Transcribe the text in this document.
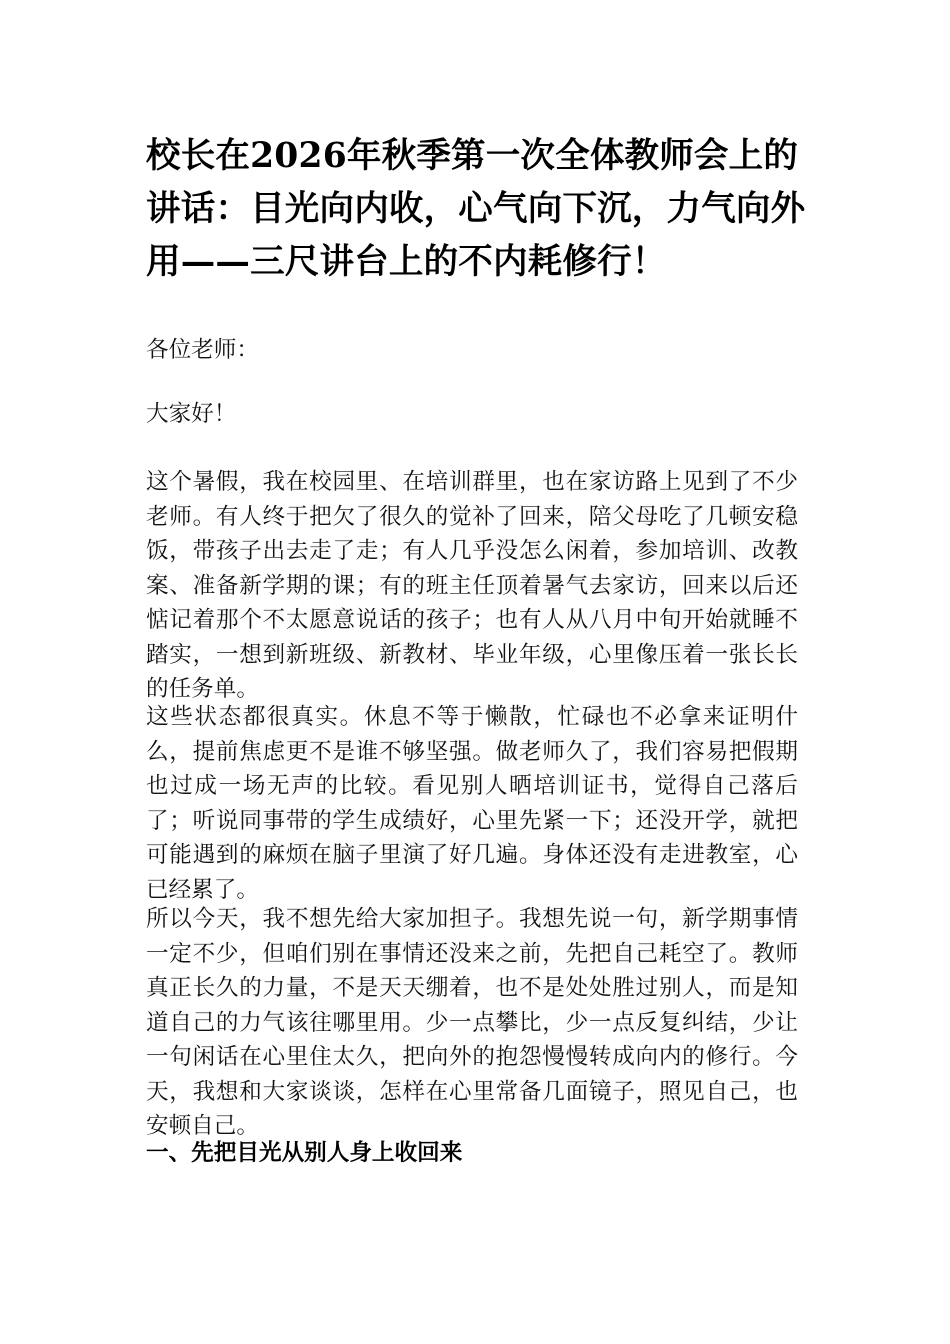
校长在2026年秋季第一次全体教师会上的讲话：目光向内收，心气向下沉，力气向外用——三尺讲台上的不内耗修行！

各位老师：

大家好！

这个暑假，我在校园里、在培训群里，也在家访路上见到了不少老师。有人终于把欠了很久的觉补了回来，陪父母吃了几顿安稳饭，带孩子出去走了走；有人几乎没怎么闲着，参加培训、改教案、准备新学期的课；有的班主任顶着暑气去家访，回来以后还惦记着那个不太愿意说话的孩子；也有人从八月中旬开始就睡不踏实，一想到新班级、新教材、毕业年级，心里像压着一张长长的任务单。

这些状态都很真实。休息不等于懒散，忙碌也不必拿来证明什么，提前焦虑更不是谁不够坚强。做老师久了，我们容易把假期也过成一场无声的比较。看见别人晒培训证书，觉得自己落后了；听说同事带的学生成绩好，心里先紧一下；还没开学，就把可能遇到的麻烦在脑子里演了好几遍。身体还没有走进教室，心已经累了。

所以今天，我不想先给大家加担子。我想先说一句，新学期事情一定不少，但咱们别在事情还没来之前，先把自己耗空了。教师真正长久的力量，不是天天绷着，也不是处处胜过别人，而是知道自己的力气该往哪里用。少一点攀比，少一点反复纠结，少让一句闲话在心里住太久，把向外的抱怨慢慢转成向内的修行。今天，我想和大家谈谈，怎样在心里常备几面镜子，照见自己，也安顿自己。

一、先把目光从别人身上收回来
